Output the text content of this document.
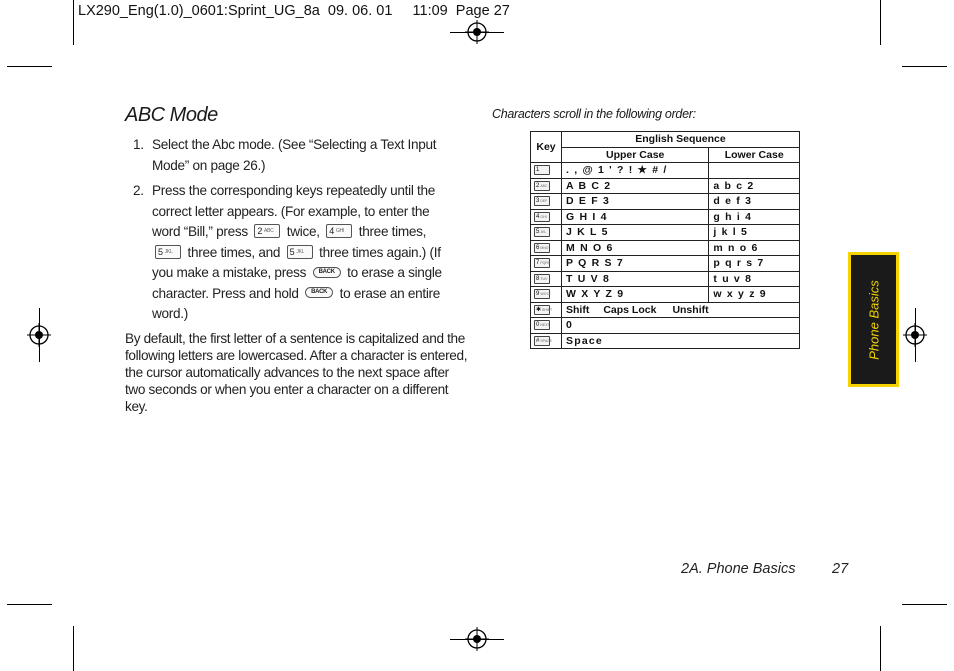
LX290_Eng(1.0)_0601:Sprint_UG_8a  09. 06. 01     11:09  Page 27
ABC Mode
1. Select the Abc mode. (See “Selecting a Text Input Mode” on page 26.)
2. Press the corresponding keys repeatedly until the correct letter appears. (For example, to enter the word “Bill,” press 2 $^{ABC}$ twice, 4 $^{GHI}$ three times, 5 $^{JKL}$ three times, and 5 $^{JKL}$ three times again.) (If you make a mistake, press BACK to erase a single character. Press and hold BACK to erase an entire word.)
By default, the first letter of a sentence is capitalized and the following letters are lowercased. After a character is entered, the cursor automatically advances to the next space after two seconds or when you enter a character on a different key.
Characters scroll in the following order:
Key	English Sequence	
	Upper Case	Lower Case
1	. , @ 1 ' ? ! ★ # /	
$2^{ABC}$	A B C 2	a b c 2
$3^{DEF}$	D E F 3	d e f 3
$4^{GHI}$	G H I 4	g h i 4
$5^{JKL}$	J K L 5	j k l 5
$6^{MNO}$	M N O 6	m n o 6
$7^{PQRS}$	P Q R S 7	p q r s 7
$8^{TUV}$	T U V 8	t u v 8
$9^{WXYZ}$	W X Y Z 9	w x y z 9
✱$^{SHIFT}$	Shift Caps Lock Unshift	
$0^{NEXT}$	0	
#$^{SPACE}$	Space		Phone Basics
2A. Phone Basics	27
